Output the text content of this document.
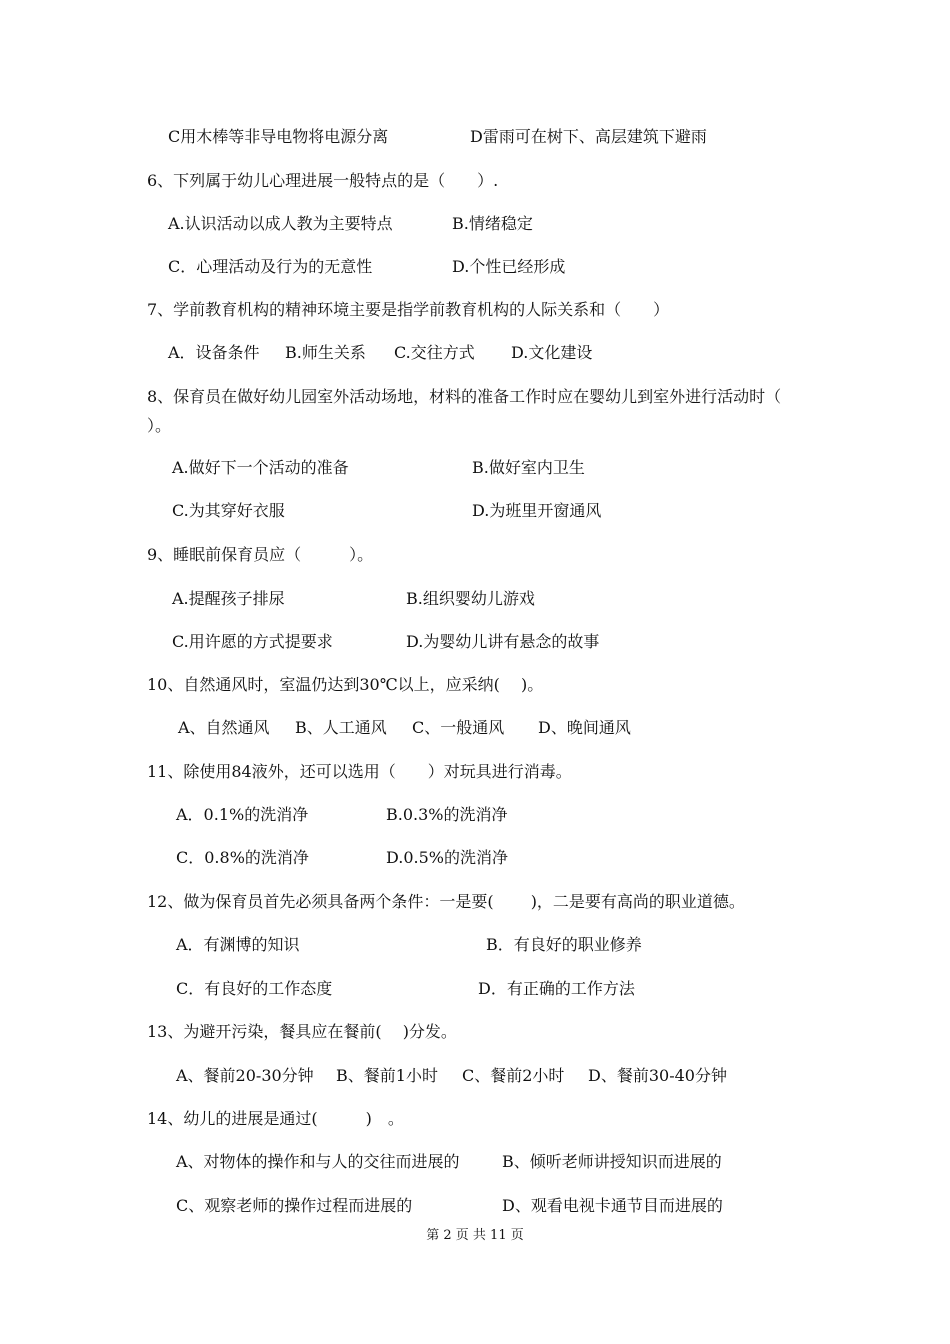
C用木棒等非导电物将电源分离	D雷雨可在树下、高层建筑下避雨
6、下列属于幼儿心理进展一般特点的是（　　）.
A.认识活动以成人教为主要特点	B.情绪稳定
C．心理活动及行为的无意性	D.个性已经形成
7、学前教育机构的精神环境主要是指学前教育机构的人际关系和（　　）
A．设备条件 B.师生关系 C.交往方式 D.文化建设
8、保育员在做好幼儿园室外活动场地，材料的准备工作时应在婴幼儿到室外进行活动时（
）。
A.做好下一个活动的准备	B.做好室内卫生
C.为其穿好衣服	D.为班里开窗通风
9、睡眠前保育员应（　　　）。
A.提醒孩子排尿	B.组织婴幼儿游戏
C.用许愿的方式提要求	D.为婴幼儿讲有悬念的故事
10、自然通风时，室温仍达到30℃以上，应采纳(　 )。
A、自然通风 B、人工通风 C、一般通风 D、晚间通风
11、除使用84液外，还可以选用（　　）对玩具进行消毒。
A．0.1%的洗消净	B.0.3%的洗消净
C．0.8%的洗消净	D.0.5%的洗消净
12、做为保育员首先必须具备两个条件：一是要(　　 )，二是要有高尚的职业道德。
A．有渊博的知识	B．有良好的职业修养
C．有良好的工作态度	D．有正确的工作方法
13、为避开污染，餐具应在餐前(　 )分发。
A、餐前20-30分钟 B、餐前1小时 C、餐前2小时 D、餐前30-40分钟
14、幼儿的进展是通过(　　　)　。
A、对物体的操作和与人的交往而进展的	B、倾听老师讲授知识而进展的
C、观察老师的操作过程而进展的	D、观看电视卡通节目而进展的
第 2 页 共 11 页
